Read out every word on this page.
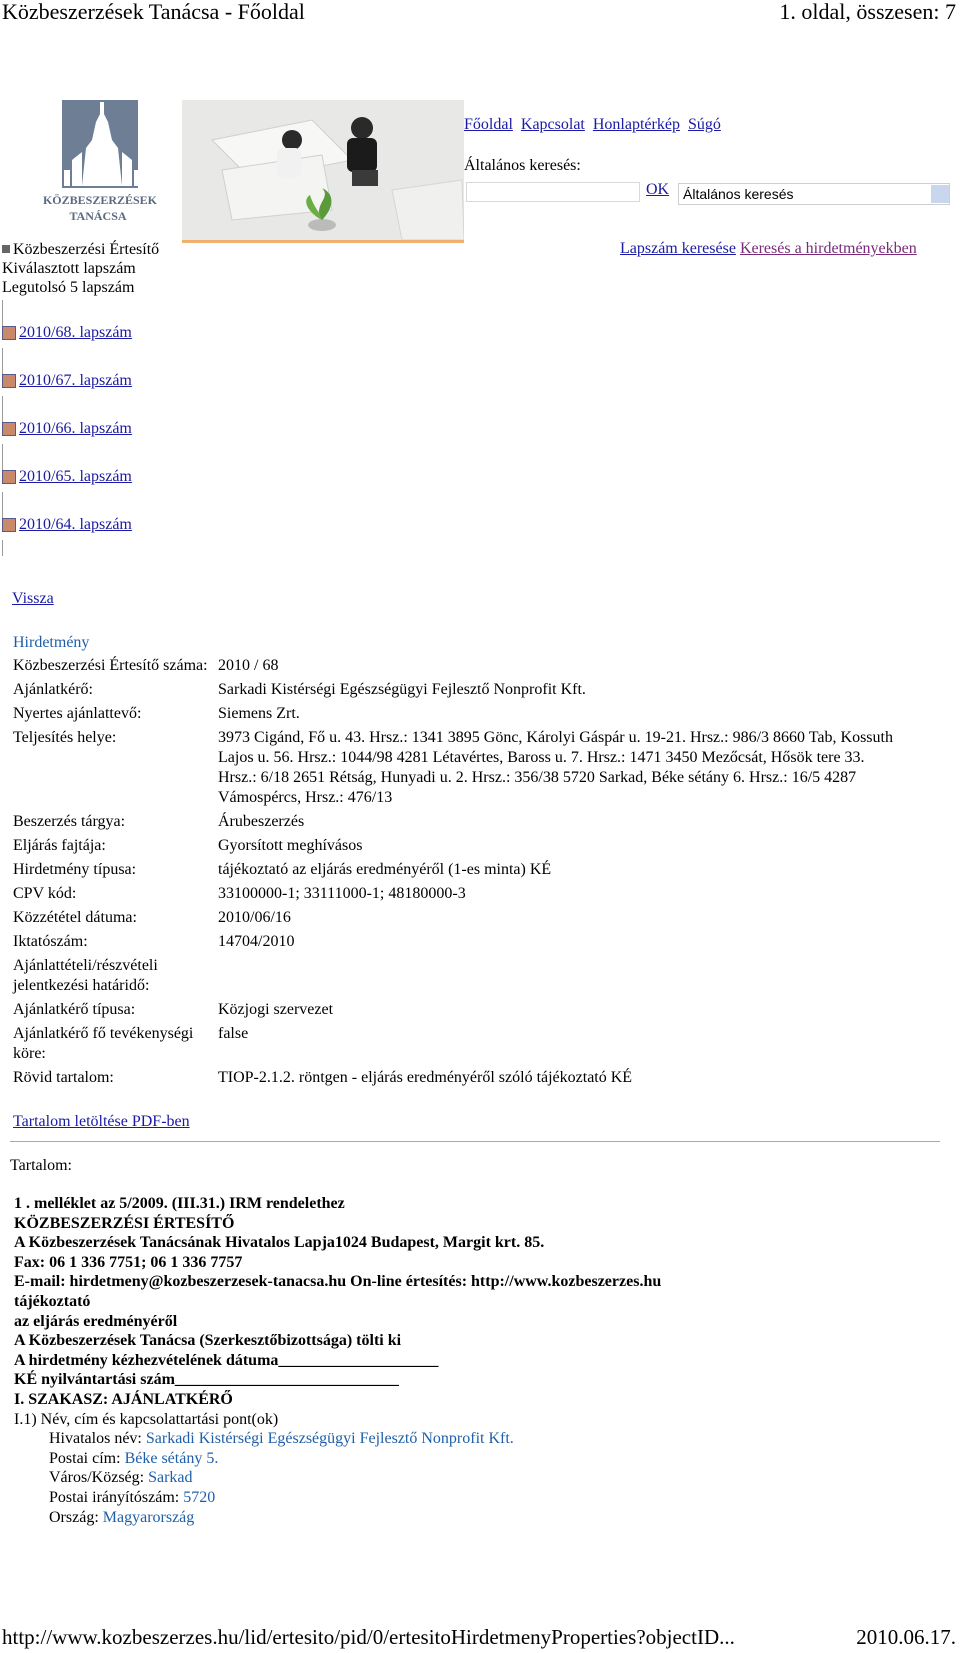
Közbeszerzések Tanácsa - Főoldal	1. oldal, összesen: 7
KÖZBESZERZÉSEK
TANÁCSA
Főoldal Kapcsolat Honlaptérkép Súgó
Általános keresés:
OK Általános keresés
Lapszám keresése Keresés a hirdetményekben
Közbeszerzési Értesítő
Kiválasztott lapszám
Legutolsó 5 lapszám
2010/68. lapszám
2010/67. lapszám
2010/66. lapszám
2010/65. lapszám
2010/64. lapszám
Vissza
Hirdetmény
Közbeszerzési Értesítő száma: 2010 / 68
Ajánlatkérő:	Sarkadi Kistérségi Egészségügyi Fejlesztő Nonprofit Kft.
Nyertes ajánlattevő:	Siemens Zrt.
Teljesítés helye:	3973 Cigánd, Fő u. 43. Hrsz.: 1341 3895 Gönc, Károlyi Gáspár u. 19-21. Hrsz.: 986/3 8660 Tab, Kossuth Lajos u. 56. Hrsz.: 1044/98 4281 Létavértes, Baross u. 7. Hrsz.: 1471 3450 Mezőcsát, Hősök tere 33. Hrsz.: 6/18 2651 Rétság, Hunyadi u. 2. Hrsz.: 356/38 5720 Sarkad, Béke sétány 6. Hrsz.: 16/5 4287 Vámospércs, Hrsz.: 476/13
Beszerzés tárgya:	Árubeszerzés
Eljárás fajtája:	Gyorsított meghívásos
Hirdetmény típusa:	tájékoztató az eljárás eredményéről (1-es minta) KÉ
CPV kód:	33100000-1; 33111000-1; 48180000-3
Közzététel dátuma:	2010/06/16
Iktatószám:	14704/2010
Ajánlattételi/részvételi jelentkezési határidő:
Ajánlatkérő típusa:	Közjogi szervezet
Ajánlatkérő fő tevékenységi köre:
false
Rövid tartalom:	TIOP-2.1.2. röntgen - eljárás eredményéről szóló tájékoztató KÉ
Tartalom letöltése PDF-ben
Tartalom:
1 . melléklet az 5/2009. (III.31.) IRM rendelethez
KÖZBESZERZÉSI ÉRTESÍTŐ
A Közbeszerzések Tanácsának Hivatalos Lapja1024 Budapest, Margit krt. 85.
Fax: 06 1 336 7751; 06 1 336 7757
E-mail: hirdetmeny@kozbeszerzesek-tanacsa.hu On-line értesítés: http://www.kozbeszerzes.hu
tájékoztató
az eljárás eredményéről
A Közbeszerzések Tanácsa (Szerkesztőbizottsága) tölti ki
A hirdetmény kézhezvételének dátuma____________________
KÉ nyilvántartási szám____________________________
I. SZAKASZ: AJÁNLATKÉRŐ
I.1) Név, cím és kapcsolattartási pont(ok)
Hivatalos név: Sarkadi Kistérségi Egészségügyi Fejlesztő Nonprofit Kft.
Postai cím: Béke sétány 5.
Város/Község: Sarkad
Postai irányítószám: 5720
Ország: Magyarország
http://www.kozbeszerzes.hu/lid/ertesito/pid/0/ertesitoHirdetmenyProperties?objectID...	2010.06.17.
